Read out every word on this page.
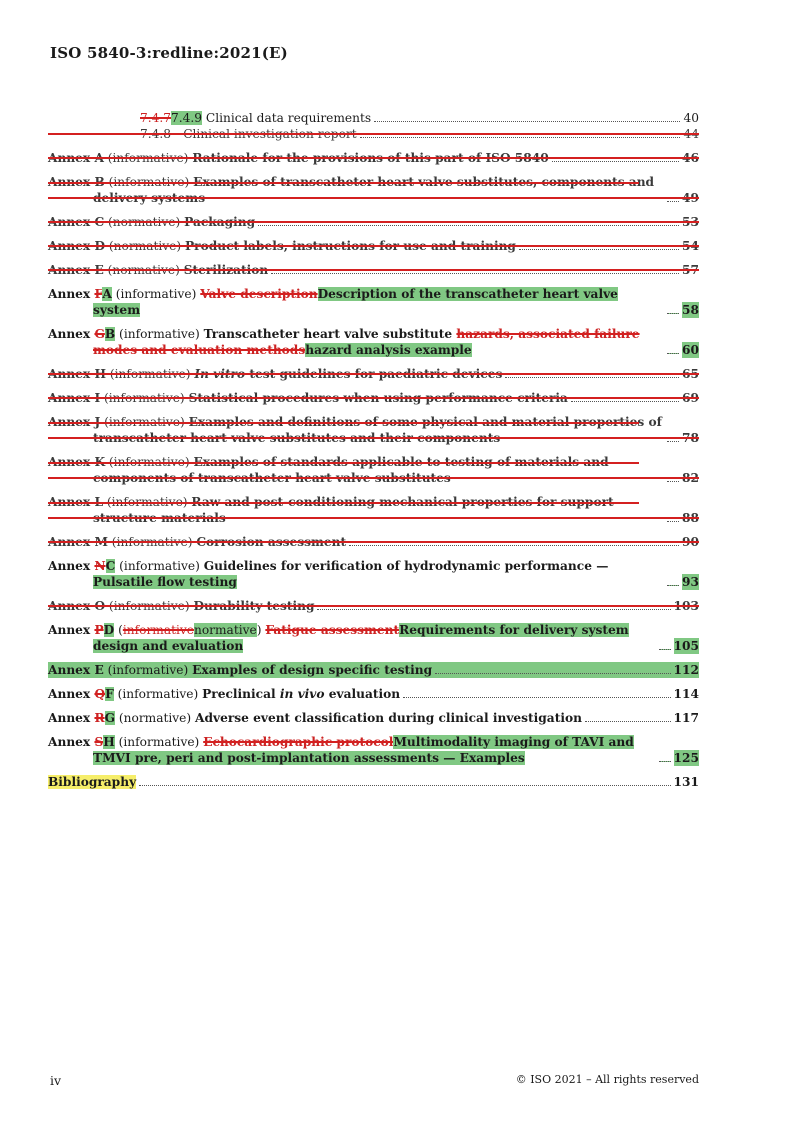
ISO 5840-3:redline:2021(E)
7.4.77.4.9 Clinical data requirements	40
7.4.8 Clinical investigation report	44
Annex A (informative) Rationale for the provisions of this part of ISO 5840	46
Annex B (informative) Examples of transcatheter heart valve substitutes, components and delivery systems	49
Annex C (normative) Packaging	53
Annex D (normative) Product labels, instructions for use and training	54
Annex E (normative) Sterilization	57
Annex FA (informative) Valve descriptionDescription of the transcatheter heart valve system	58
Annex GB (informative) Transcatheter heart valve substitute hazards, associated failure modes and evaluation methodshazard analysis example	60
Annex H (informative) In vitro test guidelines for paediatric devices	65
Annex I (informative) Statistical procedures when using performance criteria	69
Annex J (informative) Examples and definitions of some physical and material properties of transcatheter heart valve substitutes and their components	78
Annex K (informative) Examples of standards applicable to testing of materials and components of transcatheter heart valve substitutes	82
Annex L (informative) Raw and post-conditioning mechanical properties for support structure materials	88
Annex M (informative) Corrosion assessment	90
Annex NC (informative) Guidelines for verification of hydrodynamic performance — Pulsatile flow testing	93
Annex O (informative) Durability testing	103
Annex PD (informativenormative) Fatigue assessmentRequirements for delivery system design and evaluation	105
Annex E (informative) Examples of design specific testing	112
Annex QF (informative) Preclinical in vivo evaluation	114
Annex RG (normative) Adverse event classification during clinical investigation	117
Annex SH (informative) Echocardiographic protocolMultimodality imaging of TAVI and TMVI pre, peri and post-implantation assessments — Examples	125
Bibliography	131
iv	© ISO 2021 – All rights reserved
